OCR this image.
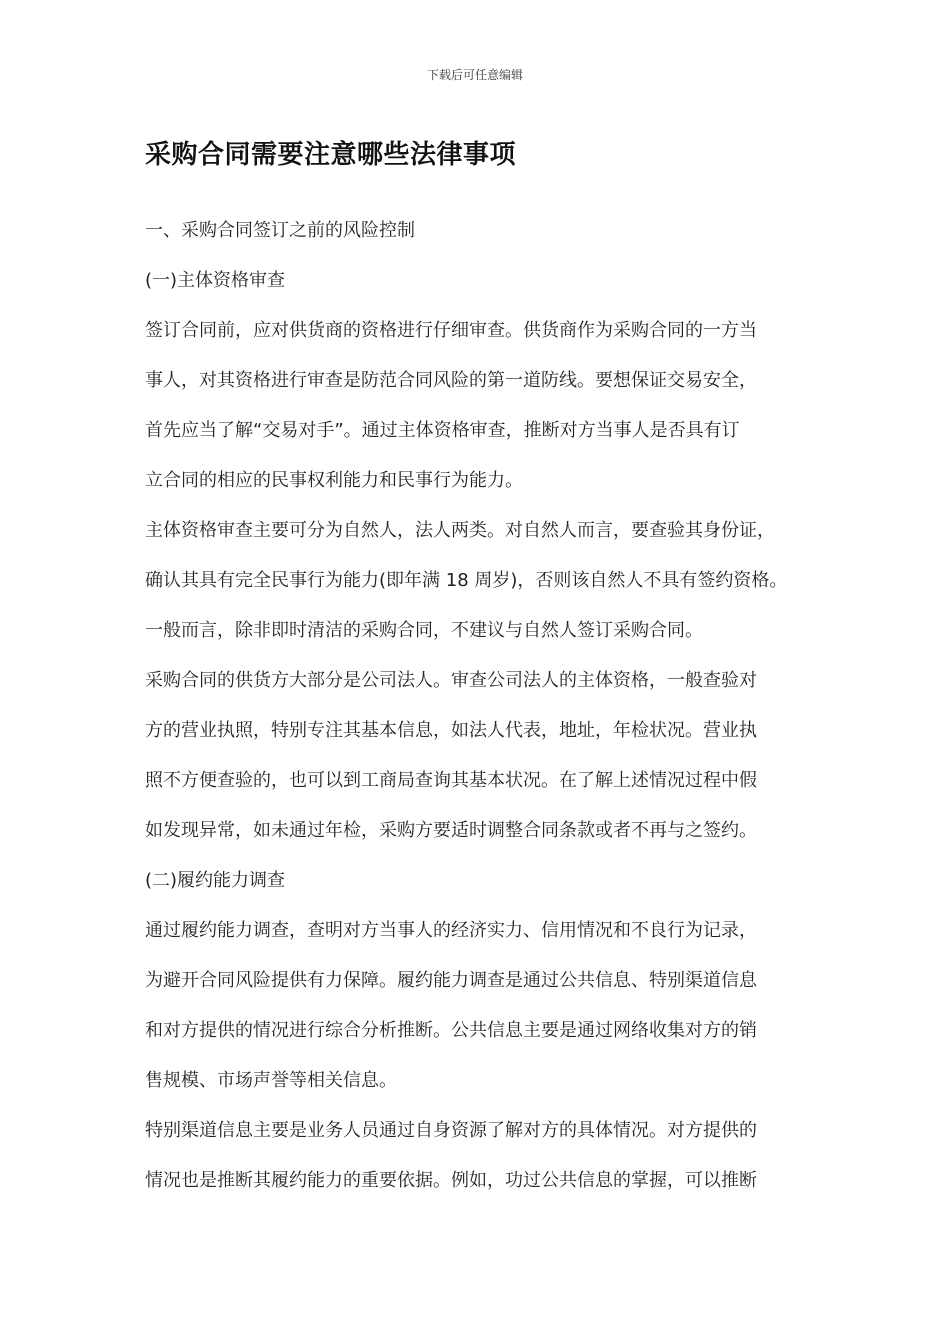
下载后可任意编辑
采购合同需要注意哪些法律事项
一、采购合同签订之前的风险控制
(一)主体资格审查
签订合同前，应对供货商的资格进行仔细审查。供货商作为采购合同的一方当
事人，对其资格进行审查是防范合同风险的第一道防线。要想保证交易安全，
首先应当了解“交易对手”。通过主体资格审查，推断对方当事人是否具有订
立合同的相应的民事权利能力和民事行为能力。
主体资格审查主要可分为自然人，法人两类。对自然人而言，要查验其身份证，
确认其具有完全民事行为能力(即年满 18 周岁)，否则该自然人不具有签约资格。
一般而言，除非即时清洁的采购合同，不建议与自然人签订采购合同。
采购合同的供货方大部分是公司法人。审查公司法人的主体资格，一般查验对
方的营业执照，特别专注其基本信息，如法人代表，地址，年检状况。营业执
照不方便查验的，也可以到工商局查询其基本状况。在了解上述情况过程中假
如发现异常，如未通过年检，采购方要适时调整合同条款或者不再与之签约。
(二)履约能力调查
通过履约能力调查，查明对方当事人的经济实力、信用情况和不良行为记录，
为避开合同风险提供有力保障。履约能力调查是通过公共信息、特别渠道信息
和对方提供的情况进行综合分析推断。公共信息主要是通过网络收集对方的销
售规模、市场声誉等相关信息。
特别渠道信息主要是业务人员通过自身资源了解对方的具体情况。对方提供的
情况也是推断其履约能力的重要依据。例如，功过公共信息的掌握，可以推断
